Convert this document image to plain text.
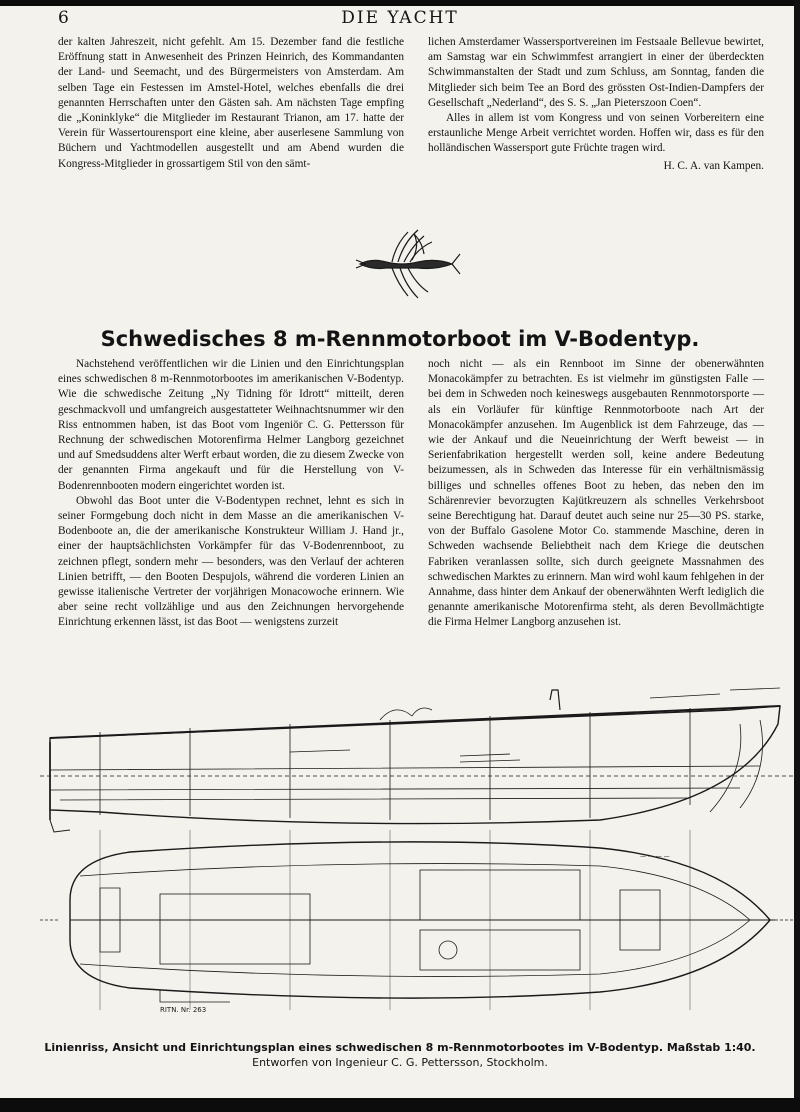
6	DIE YACHT

der kalten Jahreszeit, nicht gefehlt. Am 15. Dezember fand die festliche Eröffnung statt in Anwesenheit des Prinzen Heinrich, des Kommandanten der Land- und Seemacht, und des Bürgermeisters von Amsterdam. Am selben Tage ein Festessen im Amstel-Hotel, welches ebenfalls die drei genannten Herrschaften unter den Gästen sah. Am nächsten Tage empfing die „Koninklyke“ die Mitglieder im Restaurant Trianon, am 17. hatte der Verein für Wassertourensport eine kleine, aber auserlesene Sammlung von Büchern und Yachtmodellen ausgestellt und am Abend wurden die Kongress-Mitglieder in grossartigem Stil von den sämt-

lichen Amsterdamer Wassersportvereinen im Festsaale Bellevue bewirtet, am Samstag war ein Schwimmfest arrangiert in einer der überdeckten Schwimmanstalten der Stadt und zum Schluss, am Sonntag, fanden die Mitglieder sich beim Tee an Bord des grössten Ost-Indien-Dampfers der Gesellschaft „Nederland“, des S. S. „Jan Pieterszoon Coen“.

Alles in allem ist vom Kongress und von seinen Vorbereitern eine erstaunliche Menge Arbeit verrichtet worden. Hoffen wir, dass es für den holländischen Wassersport gute Früchte tragen wird.

H. C. A. van Kampen.

Schwedisches 8 m-Rennmotorboot im V-Bodentyp.

Nachstehend veröffentlichen wir die Linien und den Einrichtungsplan eines schwedischen 8 m-Rennmotorbootes im amerikanischen V-Bodentyp. Wie die schwedische Zeitung „Ny Tidning för Idrott“ mitteilt, deren geschmackvoll und umfangreich ausgestatteter Weihnachtsnummer wir den Riss entnommen haben, ist das Boot vom Ingeniör C. G. Pettersson für Rechnung der schwedischen Motorenfirma Helmer Langborg gezeichnet und auf Smedsuddens alter Werft erbaut worden, die zu diesem Zwecke von der genannten Firma angekauft und für die Herstellung von V-Bodenrennbooten modern eingerichtet worden ist.

Obwohl das Boot unter die V-Bodentypen rechnet, lehnt es sich in seiner Formgebung doch nicht in dem Masse an die amerikanischen V-Bodenboote an, die der amerikanische Konstrukteur William J. Hand jr., einer der hauptsächlichsten Vorkämpfer für das V-Bodenrennboot, zu zeichnen pflegt, sondern mehr — besonders, was den Verlauf der achteren Linien betrifft, — den Booten Despujols, während die vorderen Linien an gewisse italienische Vertreter der vorjährigen Monacowoche erinnern. Wie aber seine recht vollzählige und aus den Zeichnungen hervorgehende Einrichtung erkennen lässt, ist das Boot — wenigstens zurzeit

noch nicht — als ein Rennboot im Sinne der obenerwähnten Monacokämpfer zu betrachten. Es ist vielmehr im günstigsten Falle — bei dem in Schweden noch keineswegs ausgebauten Rennmotorsporte — als ein Vorläufer für künftige Rennmotorboote nach Art der Monacokämpfer anzusehen. Im Augenblick ist dem Fahrzeuge, das — wie der Ankauf und die Neueinrichtung der Werft beweist — in Serienfabrikation hergestellt werden soll, keine andere Bedeutung beizumessen, als in Schweden das Interesse für ein verhältnismässig billiges und schnelles offenes Boot zu heben, das neben den im Schärenrevier bevorzugten Kajütkreuzern als schnelles Verkehrsboot seine Berechtigung hat. Darauf deutet auch seine nur 25—30 PS. starke, von der Buffalo Gasolene Motor Co. stammende Maschine, deren in Schweden wachsende Beliebtheit nach dem Kriege die deutschen Fabriken veranlassen sollte, sich durch geeignete Massnahmen des schwedischen Marktes zu erinnern. Man wird wohl kaum fehlgehen in der Annahme, dass hinter dem Ankauf der obenerwähnten Werft lediglich die genannte amerikanische Motorenfirma steht, als deren Bevollmächtigte die Firma Helmer Langborg anzusehen ist.

— — — —
RITN. Nr. 263
Linienriss, Ansicht und Einrichtungsplan eines schwedischen 8 m-Rennmotorbootes im V-Bodentyp. Maßstab 1:40.
Entworfen von Ingenieur C. G. Pettersson, Stockholm.
